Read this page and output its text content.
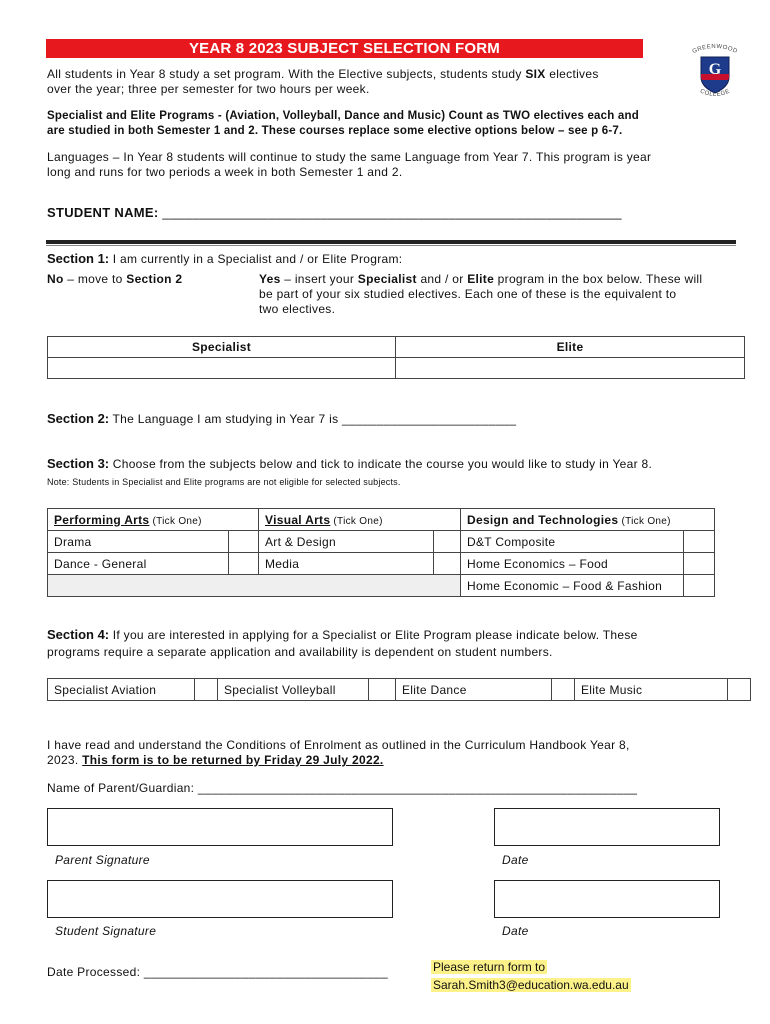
YEAR 8 2023 SUBJECT SELECTION FORM	GREENWOOD
G
COLLEGE
All students in Year 8 study a set program. With the Elective subjects, students study SIX electives
over the year; three per semester for two hours per week.
Specialist and Elite Programs - (Aviation, Volleyball, Dance and Music) Count as TWO electives each and
are studied in both Semester 1 and 2. These courses replace some elective options below – see p 6-7.
Languages – In Year 8 students will continue to study the same Language from Year 7. This program is year
long and runs for two periods a week in both Semester 1 and 2.
STUDENT NAME: _____________________________________________________________
Section 1: I am currently in a Specialist and / or Elite Program:
No – move to Section 2	Yes – insert your Specialist and / or Elite program in the box below. These will
be part of your six studied electives. Each one of these is the equivalent to
two electives.
Specialist	Elite

Section 2: The Language I am studying in Year 7 is _________________________
Section 3: Choose from the subjects below and tick to indicate the course you would like to study in Year 8.
Note: Students in Specialist and Elite programs are not eligible for selected subjects.
Performing Arts (Tick One)		Visual Arts (Tick One)		Design and Technologies (Tick One)	
Drama		Art & Design		D&T Composite	
Dance - General		Media		Home Economics – Food	
				Home Economic – Food & Fashion	
Section 4: If you are interested in applying for a Specialist or Elite Program please indicate below. These
programs require a separate application and availability is dependent on student numbers.
Specialist Aviation		Specialist Volleyball		Elite Dance		Elite Music	
I have read and understand the Conditions of Enrolment as outlined in the Curriculum Handbook Year 8,
2023. This form is to be returned by Friday 29 July 2022.
Name of Parent/Guardian: _______________________________________________________________
Parent Signature	Date
Student Signature	Date
Date Processed: ___________________________________	Please return form to
Sarah.Smith3@education.wa.edu.au
